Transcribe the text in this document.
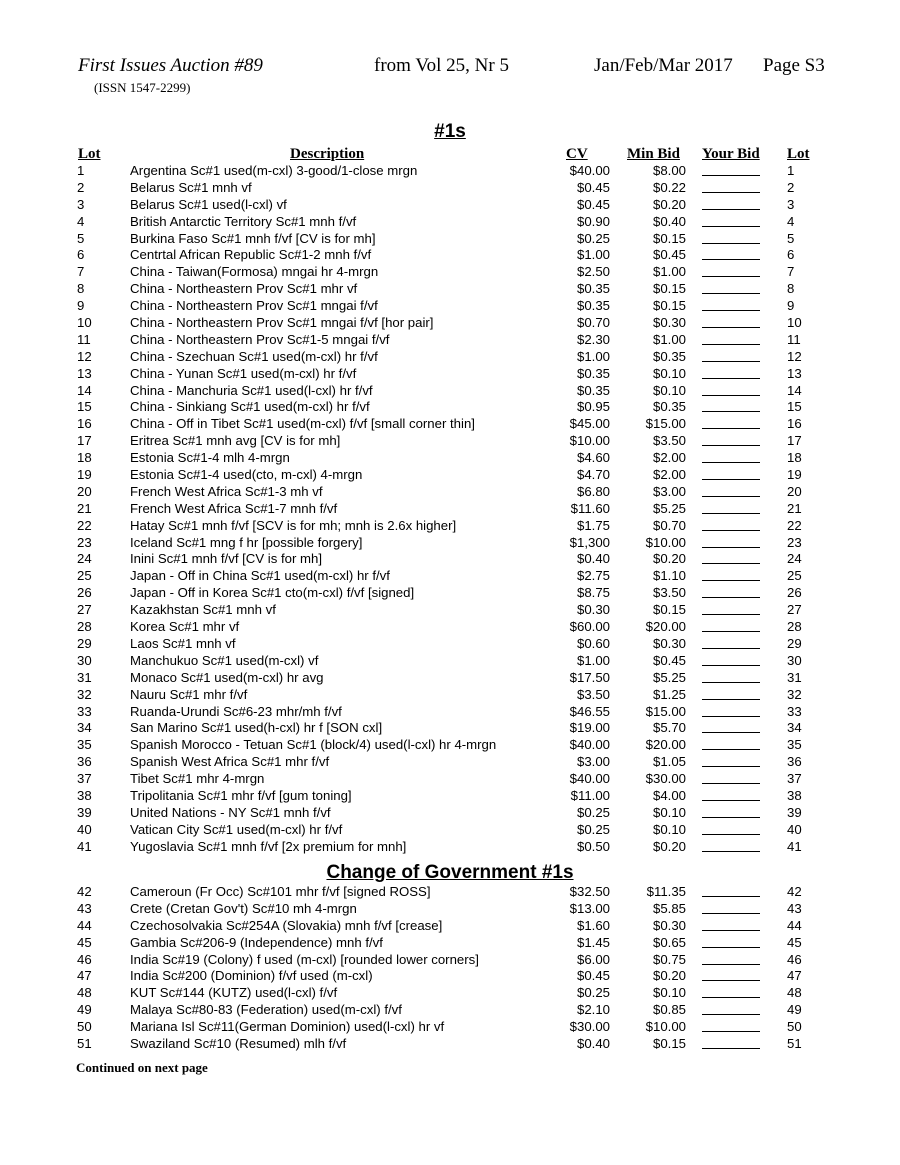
First Issues Auction #89	from Vol 25, Nr 5	Jan/Feb/Mar 2017 Page S3
(ISSN 1547-2299)
#1s
Lot	Description	CV	Min Bid Your Bid Lot
1	Argentina Sc#1 used(m-cxl) 3-good/1-close mrgn	$40.00	$8.00	1
2	Belarus Sc#1 mnh vf	$0.45	$0.22	2
3	Belarus Sc#1 used(l-cxl) vf	$0.45	$0.20	3
4	British Antarctic Territory Sc#1 mnh f/vf	$0.90	$0.40	4
5	Burkina Faso Sc#1 mnh f/vf [CV is for mh]	$0.25	$0.15	5
6	Centrtal African Republic Sc#1-2 mnh f/vf	$1.00	$0.45	6
7	China - Taiwan(Formosa) mngai hr 4-mrgn	$2.50	$1.00	7
8	China - Northeastern Prov Sc#1 mhr vf	$0.35	$0.15	8
9	China - Northeastern Prov Sc#1 mngai f/vf	$0.35	$0.15	9
10	China - Northeastern Prov Sc#1 mngai f/vf [hor pair]	$0.70	$0.30	10
11	China - Northeastern Prov Sc#1-5 mngai f/vf	$2.30	$1.00	11
12	China - Szechuan Sc#1 used(m-cxl) hr f/vf	$1.00	$0.35	12
13	China - Yunan Sc#1 used(m-cxl) hr f/vf	$0.35	$0.10	13
14	China - Manchuria Sc#1 used(l-cxl) hr f/vf	$0.35	$0.10	14
15	China - Sinkiang Sc#1 used(m-cxl) hr f/vf	$0.95	$0.35	15
16	China - Off in Tibet Sc#1 used(m-cxl) f/vf [small corner thin]	$45.00	$15.00	16
17	Eritrea Sc#1 mnh avg [CV is for mh]	$10.00	$3.50	17
18	Estonia Sc#1-4 mlh 4-mrgn	$4.60	$2.00	18
19	Estonia Sc#1-4 used(cto, m-cxl) 4-mrgn	$4.70	$2.00	19
20	French West Africa Sc#1-3 mh vf	$6.80	$3.00	20
21	French West Africa Sc#1-7 mnh f/vf	$11.60	$5.25	21
22	Hatay Sc#1 mnh f/vf [SCV is for mh; mnh is 2.6x higher]	$1.75	$0.70	22
23	Iceland Sc#1 mng f hr [possible forgery]	$1,300	$10.00	23
24	Inini Sc#1 mnh f/vf [CV is for mh]	$0.40	$0.20	24
25	Japan - Off in China Sc#1 used(m-cxl) hr f/vf	$2.75	$1.10	25
26	Japan - Off in Korea Sc#1 cto(m-cxl) f/vf [signed]	$8.75	$3.50	26
27	Kazakhstan Sc#1 mnh vf	$0.30	$0.15	27
28	Korea Sc#1 mhr vf	$60.00	$20.00	28
29	Laos Sc#1 mnh vf	$0.60	$0.30	29
30	Manchukuo Sc#1 used(m-cxl) vf	$1.00	$0.45	30
31	Monaco Sc#1 used(m-cxl) hr avg	$17.50	$5.25	31
32	Nauru Sc#1 mhr f/vf	$3.50	$1.25	32
33	Ruanda-Urundi Sc#6-23 mhr/mh f/vf	$46.55	$15.00	33
34	San Marino Sc#1 used(h-cxl) hr f [SON cxl]	$19.00	$5.70	34
35	Spanish Morocco - Tetuan Sc#1 (block/4) used(l-cxl) hr 4-mrgn	$40.00	$20.00	35
36	Spanish West Africa Sc#1 mhr f/vf	$3.00	$1.05	36
37	Tibet Sc#1 mhr 4-mrgn	$40.00	$30.00	37
38	Tripolitania Sc#1 mhr f/vf [gum toning]	$11.00	$4.00	38
39	United Nations - NY Sc#1 mnh f/vf	$0.25	$0.10	39
40	Vatican City Sc#1 used(m-cxl) hr f/vf	$0.25	$0.10	40
41	Yugoslavia Sc#1 mnh f/vf [2x premium for mnh]	$0.50	$0.20	41
Change of Government #1s
42	Cameroun (Fr Occ) Sc#101 mhr f/vf [signed ROSS]	$32.50	$11.35	42
43	Crete (Cretan Gov't) Sc#10 mh 4-mrgn	$13.00	$5.85	43
44	Czechosolvakia Sc#254A (Slovakia) mnh f/vf [crease]	$1.60	$0.30	44
45	Gambia Sc#206-9 (Independence) mnh f/vf	$1.45	$0.65	45
46	India Sc#19 (Colony) f used (m-cxl) [rounded lower corners]	$6.00	$0.75	46
47	India Sc#200 (Dominion) f/vf used (m-cxl)	$0.45	$0.20	47
48	KUT Sc#144 (KUTZ) used(l-cxl) f/vf	$0.25	$0.10	48
49	Malaya Sc#80-83 (Federation) used(m-cxl) f/vf	$2.10	$0.85	49
50	Mariana Isl Sc#11(German Dominion) used(l-cxl) hr vf	$30.00	$10.00	50
51	Swaziland Sc#10 (Resumed) mlh f/vf	$0.40	$0.15	51
Continued on next page
